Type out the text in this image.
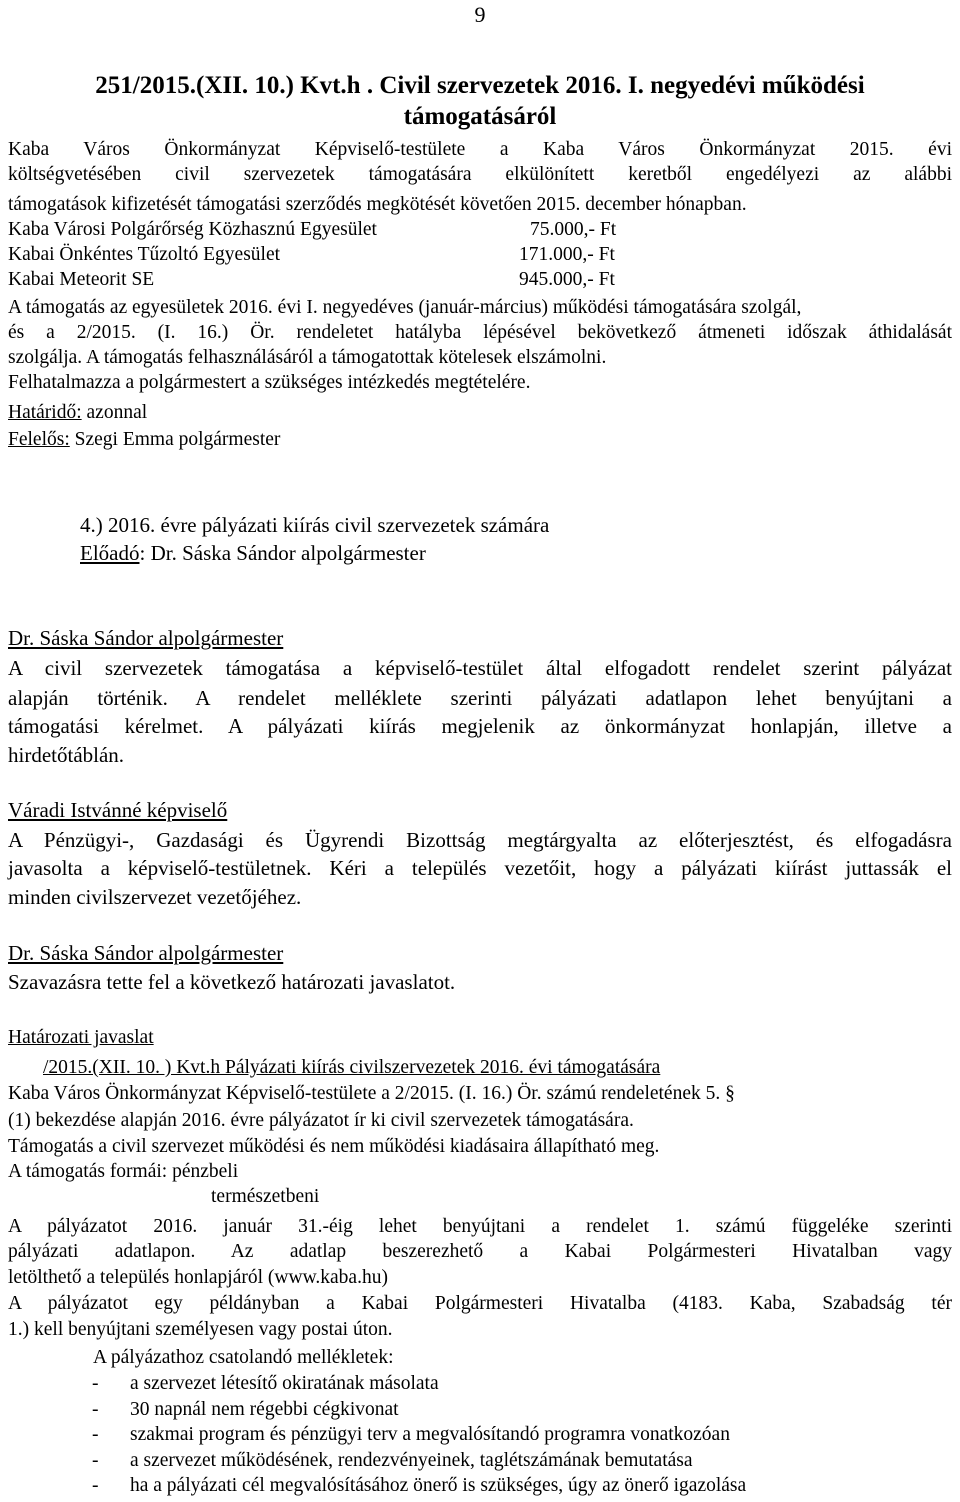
9
251/2015.(XII. 10.) Kvt.h . Civil szervezetek 2016. I. negyedévi működési
támogatásáról
Kaba Város Önkormányzat Képviselő-testülete a Kaba Város Önkormányzat 2015. évi
költségvetésében civil szervezetek támogatására elkülönített keretből engedélyezi az alábbi
támogatások kifizetését támogatási szerződés megkötését követően 2015. december hónapban.
Kaba Városi Polgárőrség Közhasznú Egyesület	75.000,- Ft
Kabai Önkéntes Tűzoltó Egyesület	171.000,- Ft
Kabai Meteorit SE	945.000,- Ft
A támogatás az egyesületek 2016. évi I. negyedéves (január-március) működési támogatására szolgál,
és a 2/2015. (I. 16.) Ör. rendeletet hatályba lépésével bekövetkező átmeneti időszak áthidalását
szolgálja. A támogatás felhasználásáról a támogatottak kötelesek elszámolni.
Felhatalmazza a polgármestert a szükséges intézkedés megtételére.
Határidő: azonnal
Felelős: Szegi Emma polgármester
4.) 2016. évre pályázati kiírás civil szervezetek számára
Előadó: Dr. Sáska Sándor alpolgármester
Dr. Sáska Sándor alpolgármester
A civil szervezetek támogatása a képviselő-testület által elfogadott rendelet szerint pályázat
alapján történik. A rendelet melléklete szerinti pályázati adatlapon lehet benyújtani a
támogatási kérelmet. A pályázati kiírás megjelenik az önkormányzat honlapján, illetve a
hirdetőtáblán.
Váradi Istvánné képviselő
A Pénzügyi-, Gazdasági és Ügyrendi Bizottság megtárgyalta az előterjesztést, és elfogadásra
javasolta a képviselő-testületnek. Kéri a település vezetőit, hogy a pályázati kiírást juttassák el
minden civilszervezet vezetőjéhez.
Dr. Sáska Sándor alpolgármester
Szavazásra tette fel a következő határozati javaslatot.
Határozati javaslat
/2015.(XII. 10. ) Kvt.h Pályázati kiírás civilszervezetek 2016. évi támogatására
Kaba Város Önkormányzat Képviselő-testülete a 2/2015. (I. 16.) Ör. számú rendeletének 5. §
(1) bekezdése alapján 2016. évre pályázatot ír ki civil szervezetek támogatására.
Támogatás a civil szervezet működési és nem működési kiadásaira állapítható meg.
A támogatás formái: pénzbeli
természetbeni
A pályázatot 2016. január 31.-éig lehet benyújtani a rendelet 1. számú függeléke szerinti
pályázati adatlapon. Az adatlap beszerezhető a Kabai Polgármesteri Hivatalban vagy
letölthető a település honlapjáról (www.kaba.hu)
A pályázatot egy példányban a Kabai Polgármesteri Hivatalba (4183. Kaba, Szabadság tér
1.) kell benyújtani személyesen vagy postai úton.
A pályázathoz csatolandó mellékletek:
- a szervezet létesítő okiratának másolata
- 30 napnál nem régebbi cégkivonat
- szakmai program és pénzügyi terv a megvalósítandó programra vonatkozóan
- a szervezet működésének, rendezvényeinek, taglétszámának bemutatása
- ha a pályázati cél megvalósításához önerő is szükséges, úgy az önerő igazolása
